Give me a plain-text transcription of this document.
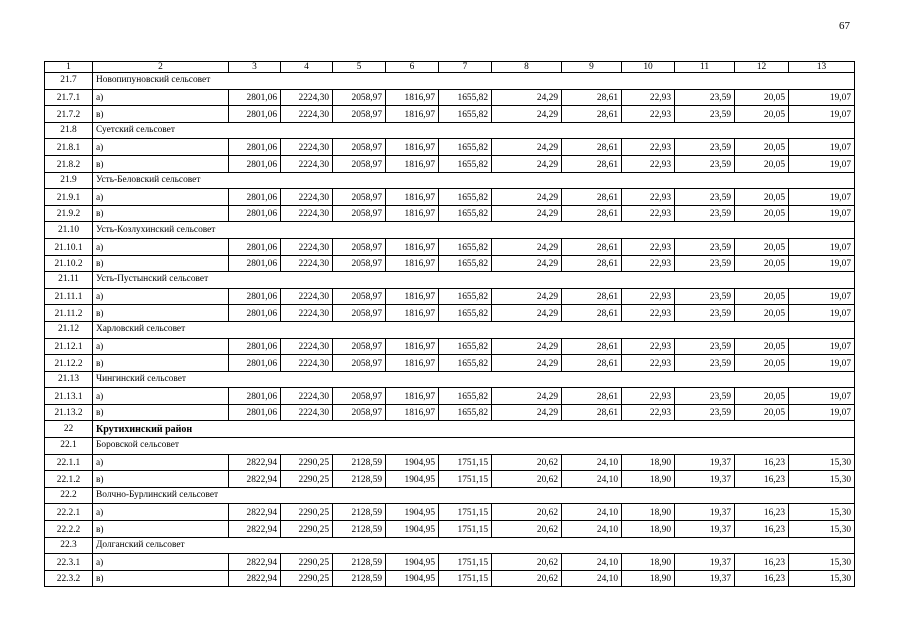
67
1	2	3	4	5	6	7	8	9	10	11	12	13
21.7	Новопипуновский сельсовет											
21.7.1	а)	2801,06	2224,30	2058,97	1816,97	1655,82	24,29	28,61	22,93	23,59	20,05	19,07
21.7.2	в)	2801,06	2224,30	2058,97	1816,97	1655,82	24,29	28,61	22,93	23,59	20,05	19,07
21.8	Суетский сельсовет											
21.8.1	а)	2801,06	2224,30	2058,97	1816,97	1655,82	24,29	28,61	22,93	23,59	20,05	19,07
21.8.2	в)	2801,06	2224,30	2058,97	1816,97	1655,82	24,29	28,61	22,93	23,59	20,05	19,07
21.9	Усть-Беловский сельсовет											
21.9.1	а)	2801,06	2224,30	2058,97	1816,97	1655,82	24,29	28,61	22,93	23,59	20,05	19,07
21.9.2	в)	2801,06	2224,30	2058,97	1816,97	1655,82	24,29	28,61	22,93	23,59	20,05	19,07
21.10	Усть-Козлухинский сельсовет											
21.10.1	а)	2801,06	2224,30	2058,97	1816,97	1655,82	24,29	28,61	22,93	23,59	20,05	19,07
21.10.2	в)	2801,06	2224,30	2058,97	1816,97	1655,82	24,29	28,61	22,93	23,59	20,05	19,07
21.11	Усть-Пустынский сельсовет											
21.11.1	а)	2801,06	2224,30	2058,97	1816,97	1655,82	24,29	28,61	22,93	23,59	20,05	19,07
21.11.2	в)	2801,06	2224,30	2058,97	1816,97	1655,82	24,29	28,61	22,93	23,59	20,05	19,07
21.12	Харловский сельсовет											
21.12.1	а)	2801,06	2224,30	2058,97	1816,97	1655,82	24,29	28,61	22,93	23,59	20,05	19,07
21.12.2	в)	2801,06	2224,30	2058,97	1816,97	1655,82	24,29	28,61	22,93	23,59	20,05	19,07
21.13	Чингинский сельсовет											
21.13.1	а)	2801,06	2224,30	2058,97	1816,97	1655,82	24,29	28,61	22,93	23,59	20,05	19,07
21.13.2	в)	2801,06	2224,30	2058,97	1816,97	1655,82	24,29	28,61	22,93	23,59	20,05	19,07
22	Крутихинский район											
22.1	Боровской сельсовет											
22.1.1	а)	2822,94	2290,25	2128,59	1904,95	1751,15	20,62	24,10	18,90	19,37	16,23	15,30
22.1.2	в)	2822,94	2290,25	2128,59	1904,95	1751,15	20,62	24,10	18,90	19,37	16,23	15,30
22.2	Волчно-Бурлинский сельсовет											
22.2.1	а)	2822,94	2290,25	2128,59	1904,95	1751,15	20,62	24,10	18,90	19,37	16,23	15,30
22.2.2	в)	2822,94	2290,25	2128,59	1904,95	1751,15	20,62	24,10	18,90	19,37	16,23	15,30
22.3	Долганский сельсовет											
22.3.1	а)	2822,94	2290,25	2128,59	1904,95	1751,15	20,62	24,10	18,90	19,37	16,23	15,30
22.3.2	в)	2822,94	2290,25	2128,59	1904,95	1751,15	20,62	24,10	18,90	19,37	16,23	15,30
